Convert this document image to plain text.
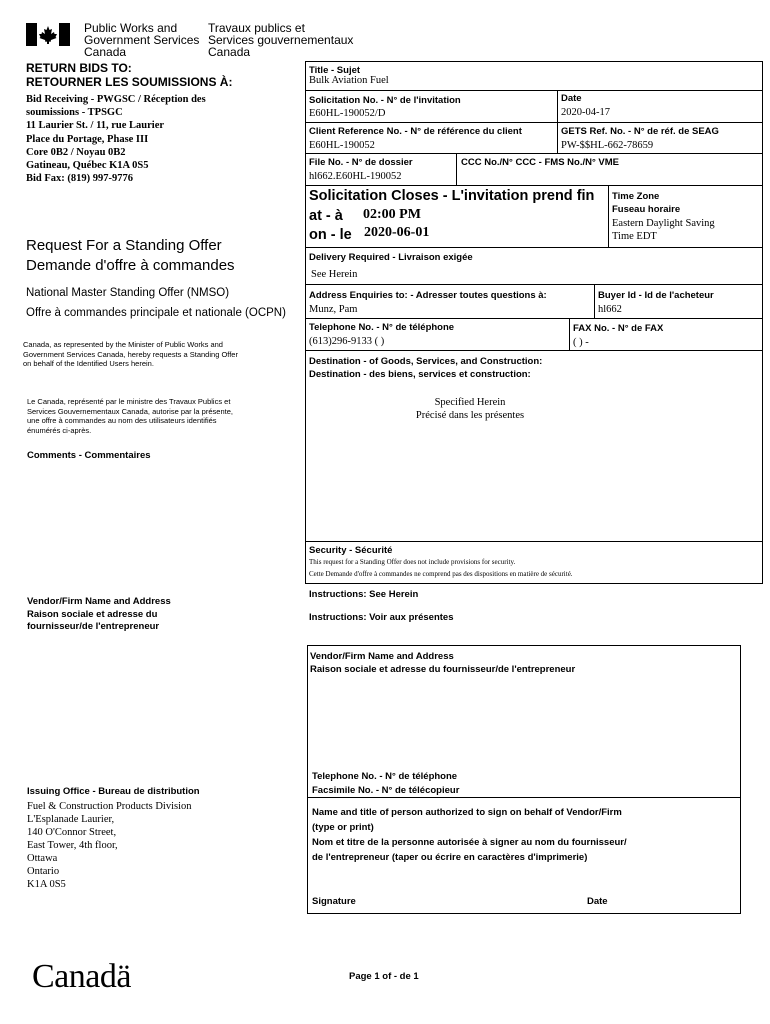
Public Works and
Government Services
Canada
Travaux publics et
Services gouvernementaux
Canada
RETURN BIDS TO:
RETOURNER LES SOUMISSIONS À:
Bid Receiving - PWGSC / Réception des
soumissions - TPSGC
11 Laurier St. / 11, rue Laurier
Place du Portage, Phase III
Core 0B2 / Noyau 0B2
Gatineau, Québec K1A 0S5
Bid Fax: (819) 997-9776
Request For a Standing Offer
Demande d'offre à commandes
National Master Standing Offer (NMSO)
Offre à commandes principale et nationale (OCPN)
Canada, as represented by the Minister of Public Works and
Government Services Canada, hereby requests a Standing Offer
on behalf of the Identified Users herein.
Le Canada, représenté par le ministre des Travaux Publics et
Services Gouvernementaux Canada, autorise par la présente,
une offre à commandes au nom des utilisateurs identifiés
énumérés ci-après.
Comments - Commentaires
Vendor/Firm Name and Address
Raison sociale et adresse du
fournisseur/de l'entrepreneur
Issuing Office - Bureau de distribution
Fuel & Construction Products Division
L'Esplanade Laurier,
140 O'Connor Street,
East Tower, 4th floor,
Ottawa
Ontario
K1A 0S5
Title - Sujet
Bulk Aviation Fuel
Solicitation No. - N° de l'invitation
E60HL-190052/D
Date
2020-04-17
Client Reference No. - N° de référence du client
E60HL-190052
GETS Ref. No. - N° de réf. de SEAG
PW-$$HL-662-78659
File No. - N° de dossier
hl662.E60HL-190052
CCC No./N° CCC - FMS No./N° VME
Solicitation Closes - L'invitation prend fin
at - à 02:00 PM
on - le 2020-06-01
Time Zone
Fuseau horaire
Eastern Daylight Saving
Time EDT
Delivery Required - Livraison exigée
See Herein
Address Enquiries to: - Adresser toutes questions à:
Munz, Pam
Buyer Id - Id de l'acheteur
hl662
Telephone No. - N° de téléphone
(613)296-9133 ( )
FAX No. - N° de FAX
( ) -
Destination - of Goods, Services, and Construction:
Destination - des biens, services et construction:
Specified Herein
Précisé dans les présentes
Security - Sécurité
This request for a Standing Offer does not include provisions for security.
Cette Demande d'offre à commandes ne comprend pas des dispositions en matière de sécurité.
Instructions: See Herein
Instructions: Voir aux présentes
Vendor/Firm Name and Address
Raison sociale et adresse du fournisseur/de l'entrepreneur
Telephone No. - N° de téléphone
Facsimile No. - N° de télécopieur
Name and title of person authorized to sign on behalf of Vendor/Firm
(type or print)
Nom et titre de la personne autorisée à signer au nom du fournisseur/
de l'entrepreneur (taper ou écrire en caractères d'imprimerie)
Signature	Date
Canadä	Page 1 of - de 1
